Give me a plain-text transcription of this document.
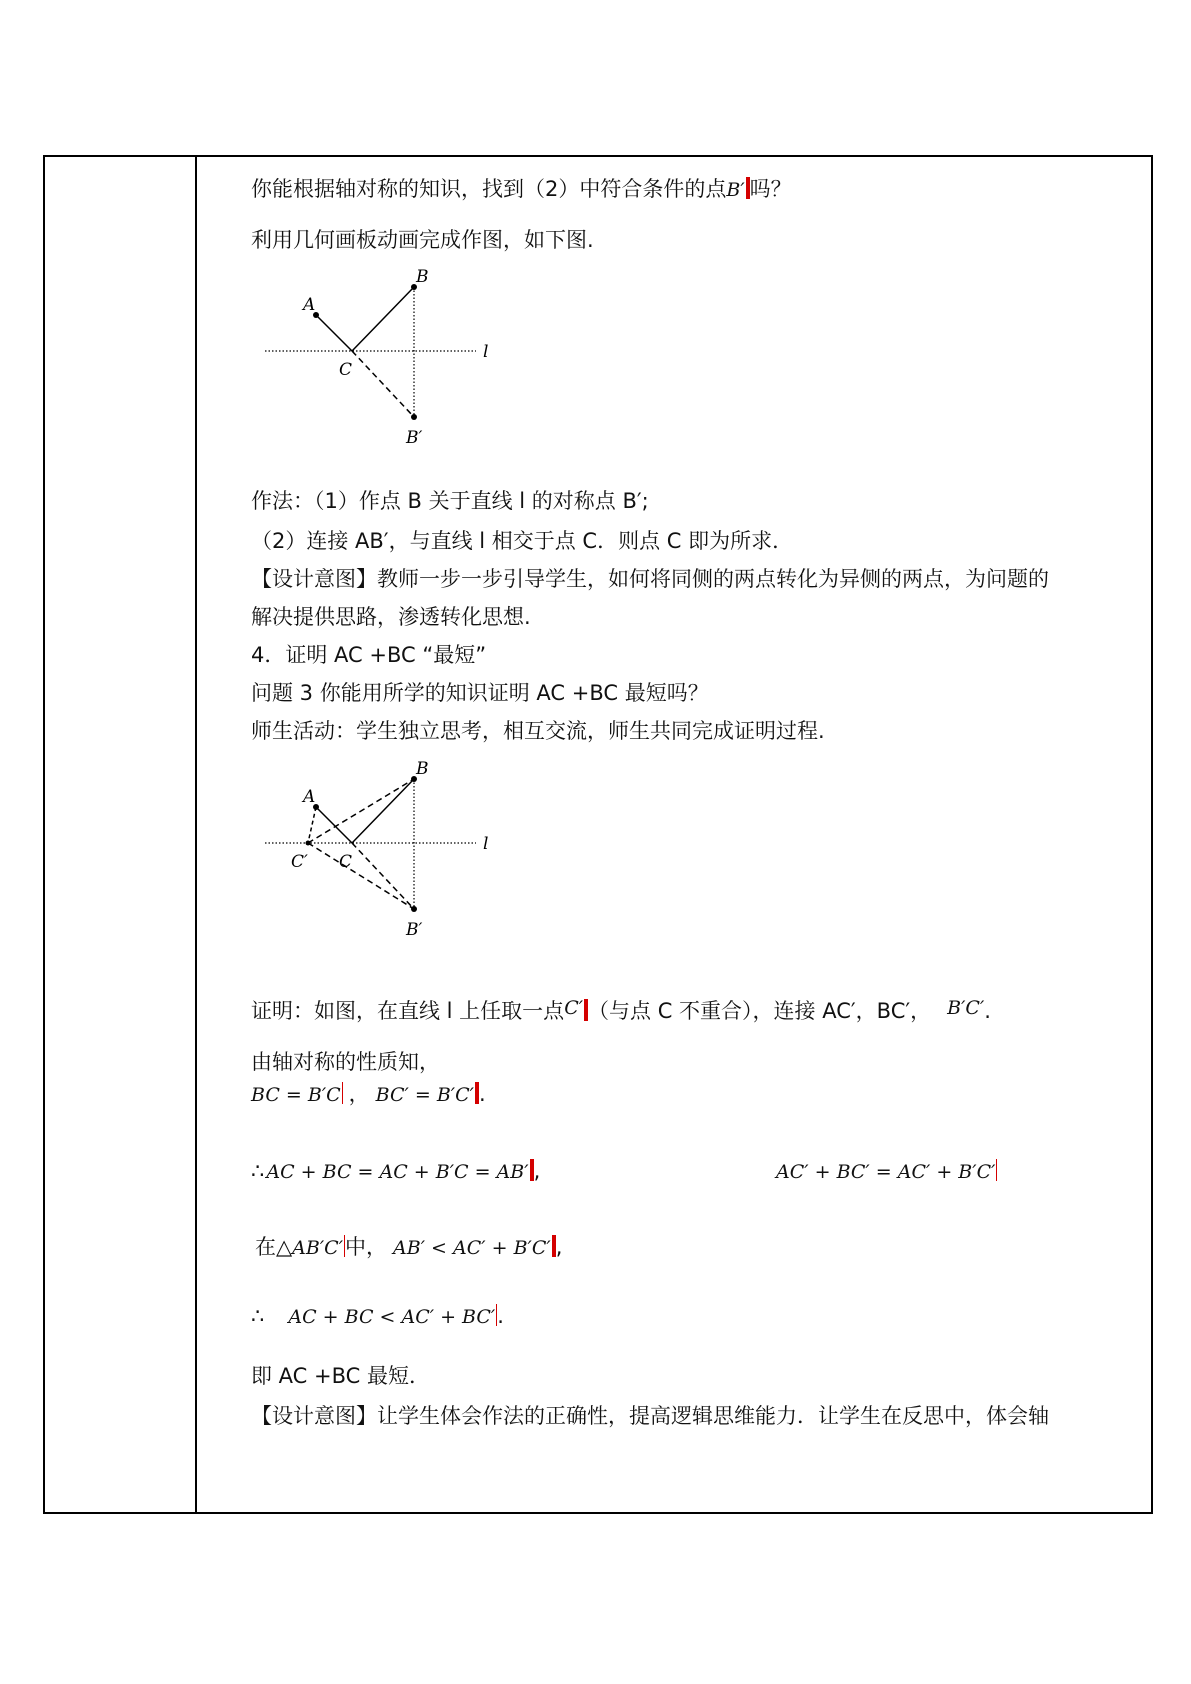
你能根据轴对称的知识，找到（2）中符合条件的点B′ 吗？
利用几何画板动画完成作图，如下图.
A
B
C
B′
l
作法：（1）作点 B 关于直线 l 的对称点 B′;
（2）连接 AB′，与直线 l 相交于点 C．则点 C 即为所求．
【设计意图】教师一步一步引导学生，如何将同侧的两点转化为异侧的两点，为问题的
解决提供思路，渗透转化思想.
4．证明 AC +BC “最短”
问题 3 你能用所学的知识证明 AC +BC 最短吗？
师生活动：学生独立思考，相互交流，师生共同完成证明过程.
A
B
C
C′
B′
l
证明：如图，在直线 l 上任取一点C′ （与点 C 不重合），连接 AC′，BC′， B′C′.
由轴对称的性质知，
BC = B′C ， BC′ = B′C′ .
∴ AC + BC = AC + B′C = AB′ ,	AC′ + BC′ = AC′ + B′C′
在△AB′C′中， AB′ < AC′ + B′C′ ,
∴ AC + BC < AC′ + BC′.
即 AC +BC 最短．
【设计意图】让学生体会作法的正确性，提高逻辑思维能力．让学生在反思中，体会轴
